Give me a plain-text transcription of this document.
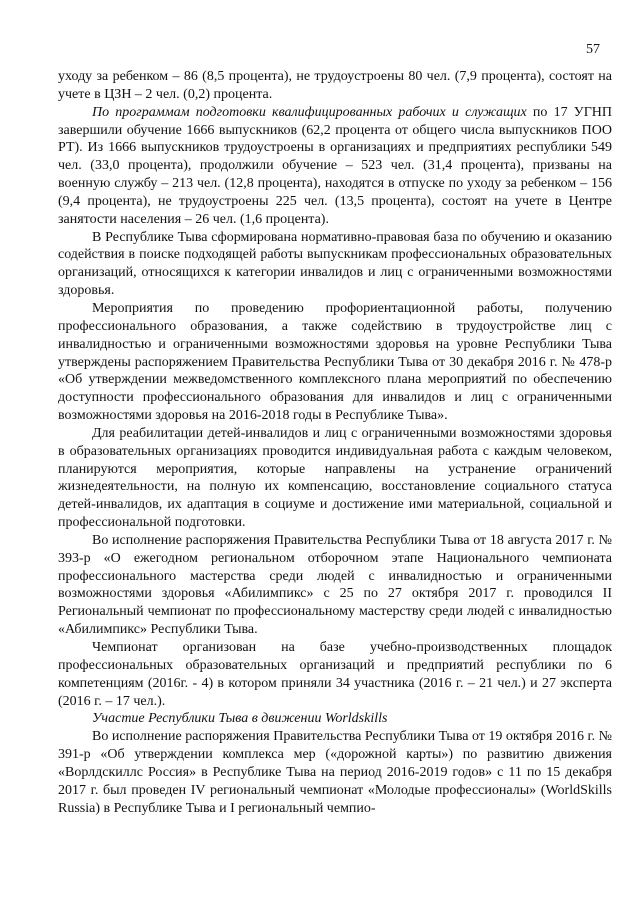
57

уходу за ребенком – 86 (8,5 процента), не трудоустроены 80 чел. (7,9 процента), состоят на учете в ЦЗН – 2 чел. (0,2) процента.

По программам подготовки квалифицированных рабочих и служащих по 17 УГНП завершили обучение 1666 выпускников (62,2 процента от общего числа выпускников ПОО РТ). Из 1666 выпускников трудоустроены в организациях и предприятиях республики 549 чел. (33,0 процента), продолжили обучение – 523 чел. (31,4 процента), призваны на военную службу – 213 чел. (12,8 процента), находятся в отпуске по уходу за ребенком – 156 (9,4 процента), не трудоустроены 225 чел. (13,5 процента), состоят на учете в Центре занятости населения – 26 чел. (1,6 процента).

В Республике Тыва сформирована нормативно-правовая база по обучению и оказанию содействия в поиске подходящей работы выпускникам профессиональных образовательных организаций, относящихся к категории инвалидов и лиц с ограниченными возможностями здоровья.

Мероприятия по проведению профориентационной работы, получению профессионального образования, а также содействию в трудоустройстве лиц с инвалидностью и ограниченными возможностями здоровья на уровне Республики Тыва утверждены распоряжением Правительства Республики Тыва от 30 декабря 2016 г. № 478-р «Об утверждении межведомственного комплексного плана мероприятий по обеспечению доступности профессионального образования для инвалидов и лиц с ограниченными возможностями здоровья на 2016-2018 годы в Республике Тыва».

Для реабилитации детей-инвалидов и лиц с ограниченными возможностями здоровья в образовательных организациях проводится индивидуальная работа с каждым человеком, планируются мероприятия, которые направлены на устранение ограничений жизнедеятельности, на полную их компенсацию, восстановление социального статуса детей-инвалидов, их адаптация в социуме и достижение ими материальной, социальной и профессиональной подготовки.

Во исполнение распоряжения Правительства Республики Тыва от 18 августа 2017 г. № 393-р «О ежегодном региональном отборочном этапе Национального чемпионата профессионального мастерства среди людей с инвалидностью и ограниченными возможностями здоровья «Абилимпикс» с 25 по 27 октября 2017 г. проводился II Региональный чемпионат по профессиональному мастерству среди людей с инвалидностью «Абилимпикс» Республики Тыва.

Чемпионат организован на базе учебно-производственных площадок профессиональных образовательных организаций и предприятий республики по 6 компетенциям (2016г. - 4) в котором приняли 34 участника (2016 г. – 21 чел.) и 27 эксперта (2016 г. – 17 чел.).

Участие Республики Тыва в движении Worldskills

Во исполнение распоряжения Правительства Республики Тыва от 19 октября 2016 г. № 391-р «Об утверждении комплекса мер («дорожной карты») по развитию движения «Ворлдскиллс Россия» в Республике Тыва на период 2016-2019 годов» с 11 по 15 декабря 2017 г. был проведен IV региональный чемпионат «Молодые профессионалы» (WorldSkills Russia) в Республике Тыва и I региональный чемпио-
